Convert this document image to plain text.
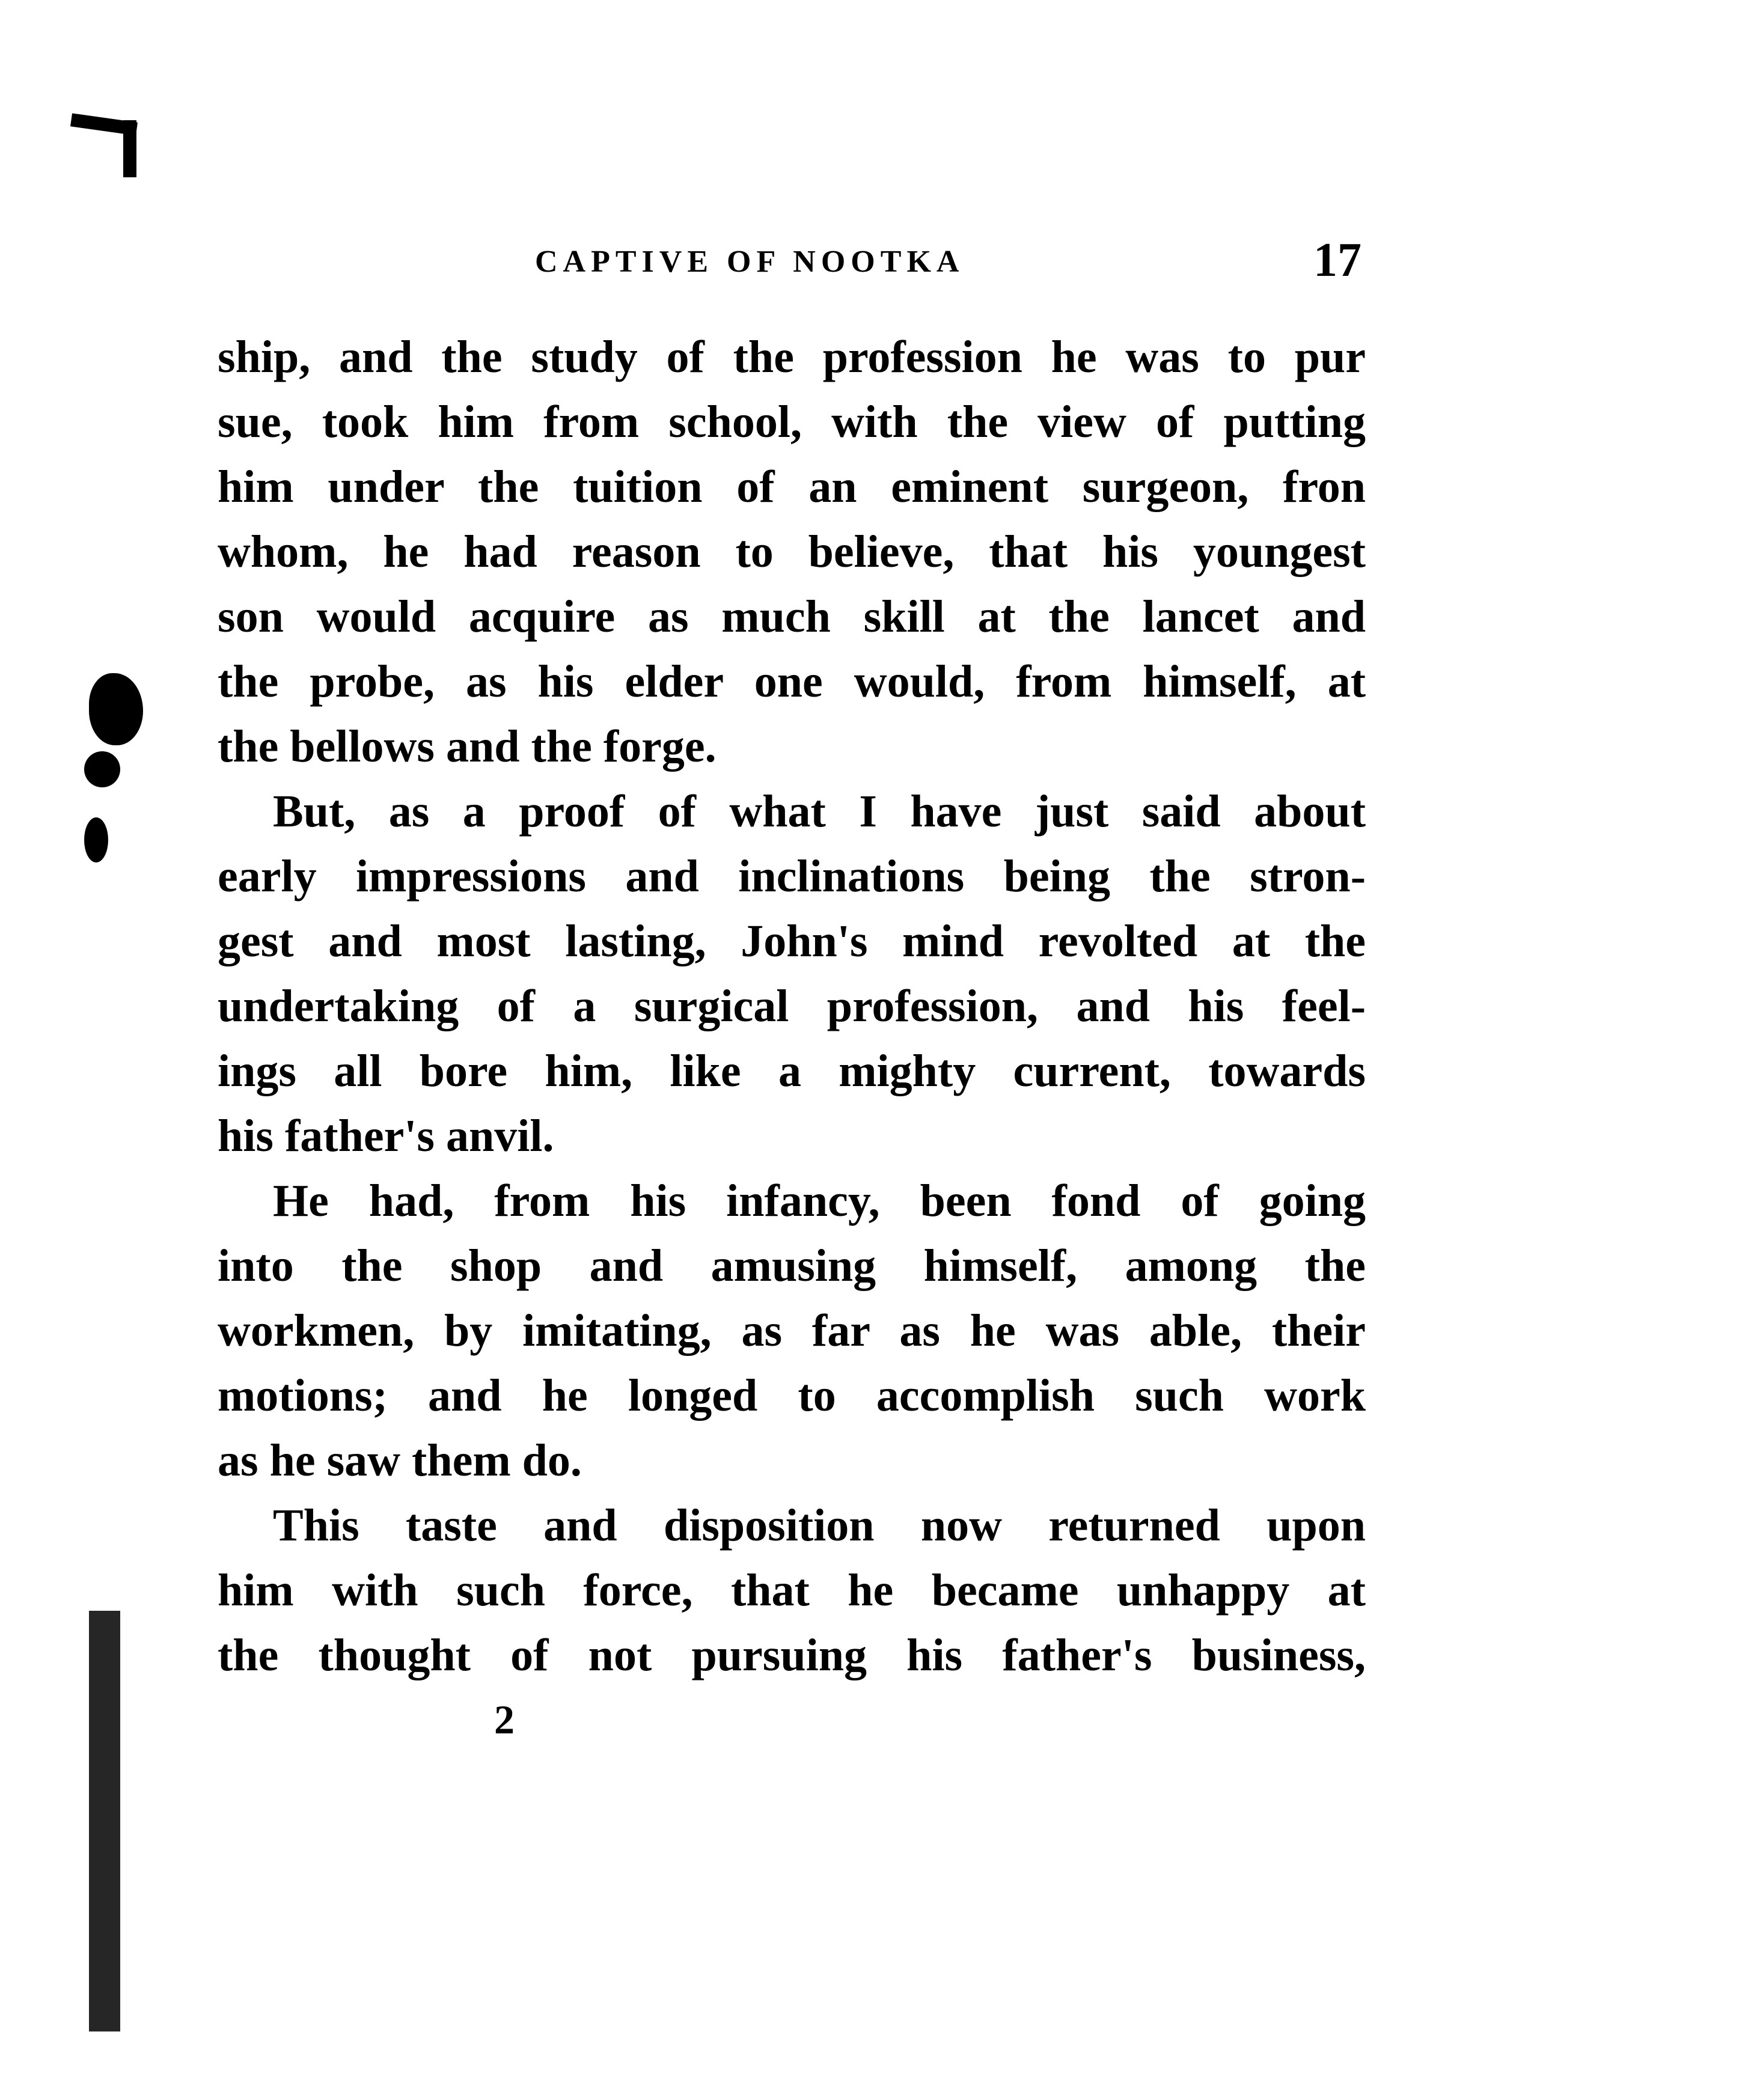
CAPTIVE OF NOOTKA	17
ship, and the study of the profession he was to pur
sue, took him from school, with the view of putting
him under the tuition of an eminent surgeon, fron
whom, he had reason to believe, that his youngest
son would acquire as much skill at the lancet and
the probe, as his elder one would, from himself, at
the bellows and the forge.
But, as a proof of what I have just said about
early impressions and inclinations being the stron-
gest and most lasting, John's mind revolted at the
undertaking of a surgical profession, and his feel-
ings all bore him, like a mighty current, towards
his father's anvil.
He had, from his infancy, been fond of going
into the shop and amusing himself, among the
workmen, by imitating, as far as he was able, their
motions; and he longed to accomplish such work
as he saw them do.
This taste and disposition now returned upon
him with such force, that he became unhappy at
the thought of not pursuing his father's business,
2
